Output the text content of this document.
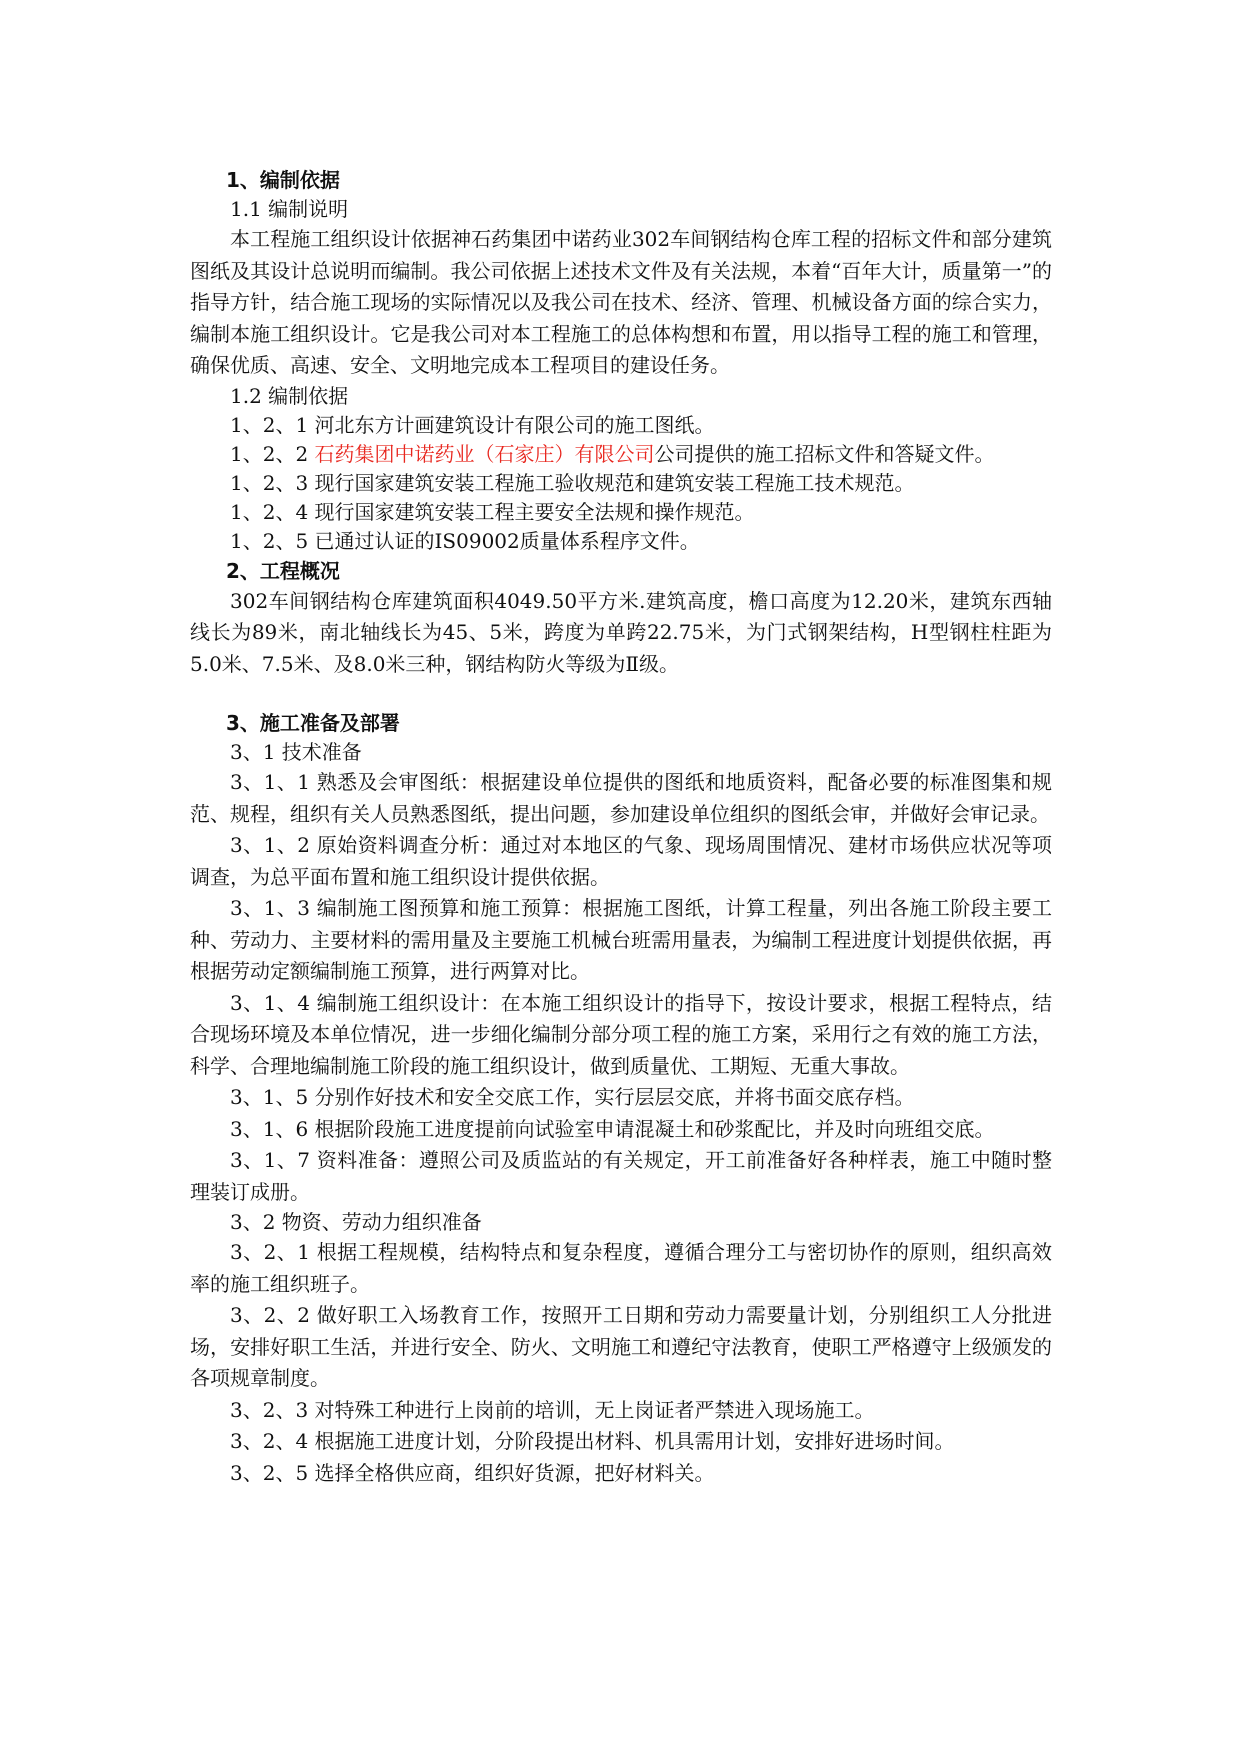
1、编制依据
1.1 编制说明
本工程施工组织设计依据神石药集团中诺药业302车间钢结构仓库工程的招标文件和部分建筑图纸及其设计总说明而编制。我公司依据上述技术文件及有关法规，本着“百年大计，质量第一”的指导方针，结合施工现场的实际情况以及我公司在技术、经济、管理、机械设备方面的综合实力，编制本施工组织设计。它是我公司对本工程施工的总体构想和布置，用以指导工程的施工和管理，确保优质、高速、安全、文明地完成本工程项目的建设任务。
1.2 编制依据
1、2、1 河北东方计画建筑设计有限公司的施工图纸。
1、2、2 石药集团中诺药业（石家庄）有限公司公司提供的施工招标文件和答疑文件。
1、2、3 现行国家建筑安装工程施工验收规范和建筑安装工程施工技术规范。
1、2、4 现行国家建筑安装工程主要安全法规和操作规范。
1、2、5 已通过认证的IS09002质量体系程序文件。
2、工程概况
302车间钢结构仓库建筑面积4049.50平方米.建筑高度，檐口高度为12.20米，建筑东西轴线长为89米，南北轴线长为45、5米，跨度为单跨22.75米，为门式钢架结构，H型钢柱柱距为5.0米、7.5米、及8.0米三种，钢结构防火等级为Ⅱ级。
3、施工准备及部署
3、1 技术准备
3、1、1 熟悉及会审图纸：根据建设单位提供的图纸和地质资料，配备必要的标准图集和规范、规程，组织有关人员熟悉图纸，提出问题，参加建设单位组织的图纸会审，并做好会审记录。
3、1、2 原始资料调查分析：通过对本地区的气象、现场周围情况、建材市场供应状况等项调查，为总平面布置和施工组织设计提供依据。
3、1、3 编制施工图预算和施工预算：根据施工图纸，计算工程量，列出各施工阶段主要工种、劳动力、主要材料的需用量及主要施工机械台班需用量表，为编制工程进度计划提供依据，再根据劳动定额编制施工预算，进行两算对比。
3、1、4 编制施工组织设计：在本施工组织设计的指导下，按设计要求，根据工程特点，结合现场环境及本单位情况，进一步细化编制分部分项工程的施工方案，采用行之有效的施工方法，科学、合理地编制施工阶段的施工组织设计，做到质量优、工期短、无重大事故。
3、1、5 分别作好技术和安全交底工作，实行层层交底，并将书面交底存档。
3、1、6 根据阶段施工进度提前向试验室申请混凝土和砂浆配比，并及时向班组交底。
3、1、7 资料准备：遵照公司及质监站的有关规定，开工前准备好各种样表，施工中随时整理装订成册。
3、2 物资、劳动力组织准备
3、2、1 根据工程规模，结构特点和复杂程度，遵循合理分工与密切协作的原则，组织高效率的施工组织班子。
3、2、2 做好职工入场教育工作，按照开工日期和劳动力需要量计划，分别组织工人分批进场，安排好职工生活，并进行安全、防火、文明施工和遵纪守法教育，使职工严格遵守上级颁发的各项规章制度。
3、2、3 对特殊工种进行上岗前的培训，无上岗证者严禁进入现场施工。
3、2、4 根据施工进度计划，分阶段提出材料、机具需用计划，安排好进场时间。
3、2、5 选择全格供应商，组织好货源，把好材料关。
